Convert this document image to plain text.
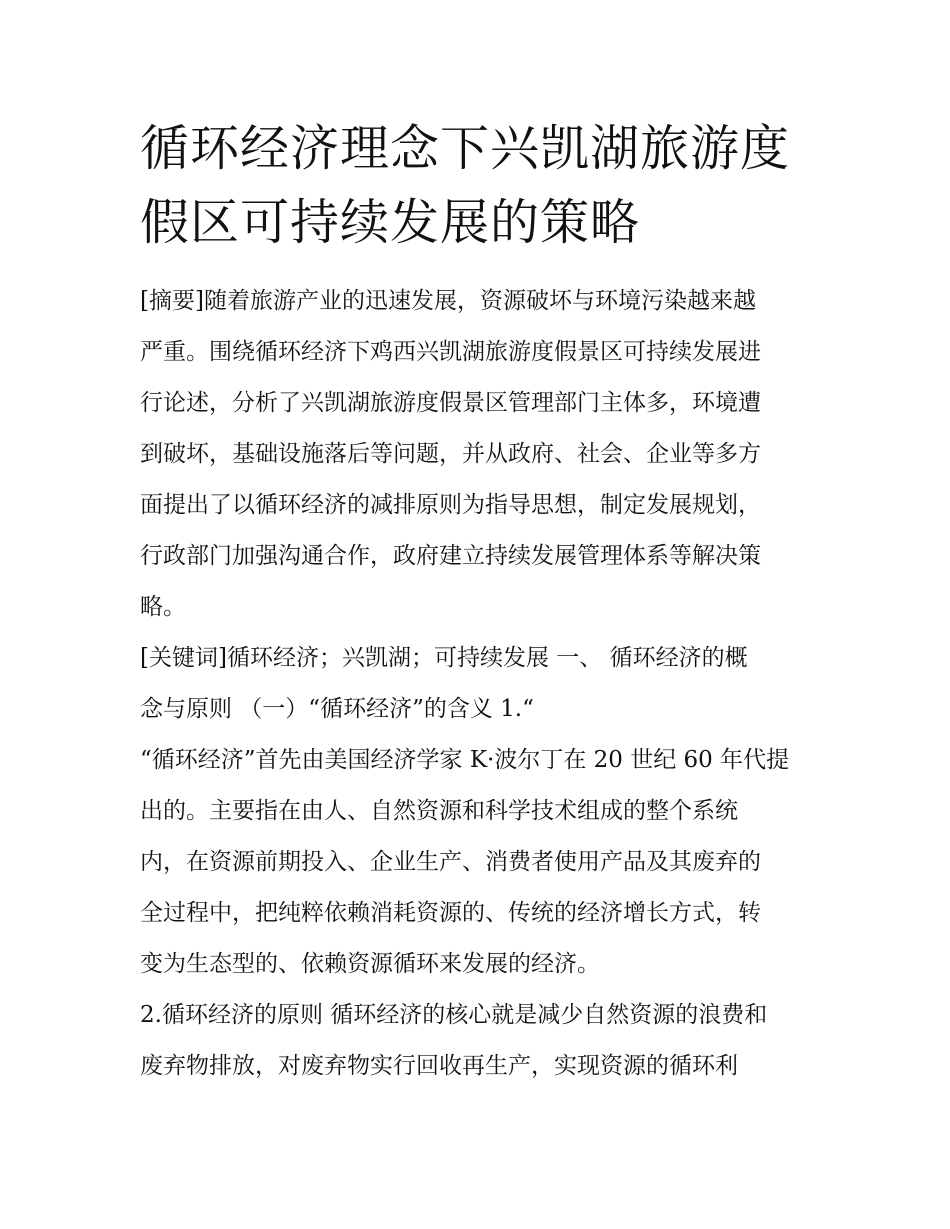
循环经济理念下兴凯湖旅游度
假区可持续发展的策略

[摘要]随着旅游产业的迅速发展，资源破坏与环境污染越来越
严重。围绕循环经济下鸡西兴凯湖旅游度假景区可持续发展进
行论述，分析了兴凯湖旅游度假景区管理部门主体多，环境遭
到破坏，基础设施落后等问题，并从政府、社会、企业等多方
面提出了以循环经济的减排原则为指导思想，制定发展规划，
行政部门加强沟通合作，政府建立持续发展管理体系等解决策
略。

[关键词]循环经济；兴凯湖；可持续发展 一、 循环经济的概
念与原则 （一）“循环经济”的含义 1.“

“循环经济”首先由美国经济学家 K·波尔丁在 20 世纪 60 年代提
出的。主要指在由人、自然资源和科学技术组成的整个系统
内，在资源前期投入、企业生产、消费者使用产品及其废弃的
全过程中，把纯粹依赖消耗资源的、传统的经济增长方式，转
变为生态型的、依赖资源循环来发展的经济。

2.循环经济的原则 循环经济的核心就是减少自然资源的浪费和
废弃物排放，对废弃物实行回收再生产，实现资源的循环利
